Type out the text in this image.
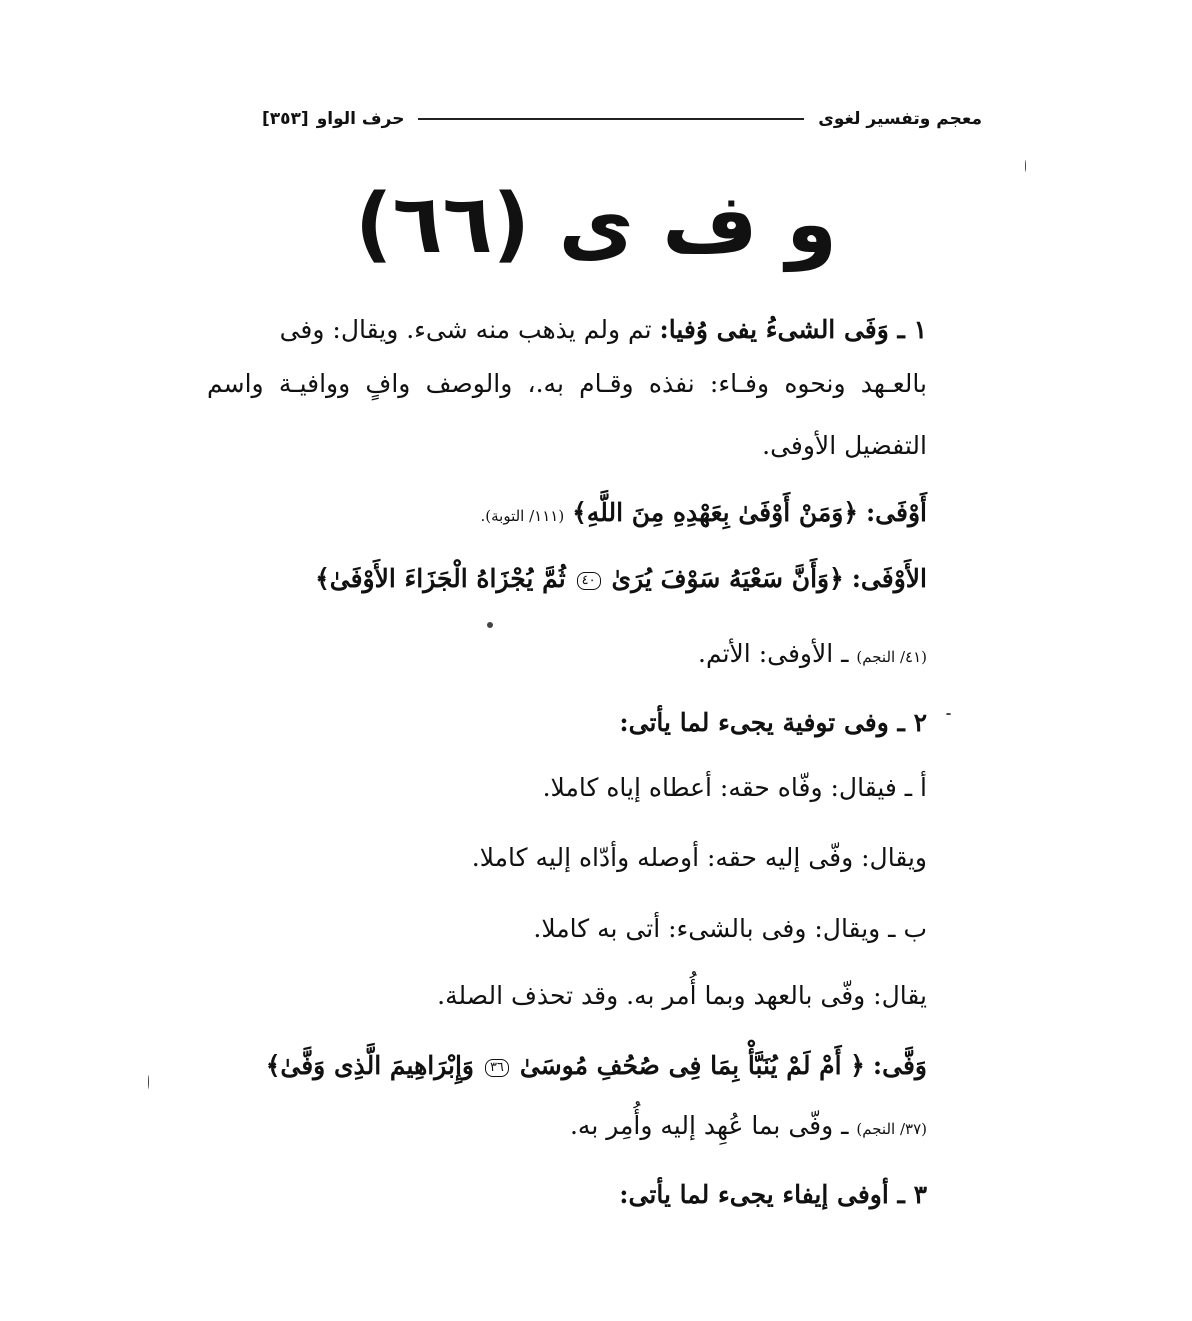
معجم وتفسير لغوى
حرف الواو
[٣٥٣]
و ف ى (٦٦)
١ ـ وَفَى الشىءُ يفى وُفيا: تم ولم يذهب منه شىء. ويقال: وفى
بالعـهد ونحوه وفـاء: نفذه وقـام به.، والوصف وافٍ ووافيـة واسم
التفضيل الأوفى.
أَوْفَى: ﴿وَمَنْ أَوْفَىٰ بِعَهْدِهِ مِنَ اللَّهِ﴾ (١١١/ التوبة).
الأَوْفَى: ﴿وَأَنَّ سَعْيَهُ سَوْفَ يُرَىٰ ٤٠ ثُمَّ يُجْزَاهُ الْجَزَاءَ الأَوْفَىٰ﴾
(٤١/ النجم) ـ الأوفى: الأتم.
٢ ـ وفى توفية يجىء لما يأتى:
أ ـ فيقال: وفّاه حقه: أعطاه إياه كاملا.
ويقال: وفّى إليه حقه: أوصله وأدّاه إليه كاملا.
ب ـ ويقال: وفى بالشىء: أتى به كاملا.
يقال: وفّى بالعهد وبما أُمر به. وقد تحذف الصلة.
وَفَّى: ﴿ أَمْ لَمْ يُنَبَّأْ بِمَا فِى صُحُفِ مُوسَىٰ ٣٦ وَإِبْرَاهِيمَ الَّذِى وَفَّىٰ﴾
(٣٧/ النجم) ـ وفّى بما عُهِد إليه وأُمِر به.
٣ ـ أوفى إيفاء يجىء لما يأتى:
